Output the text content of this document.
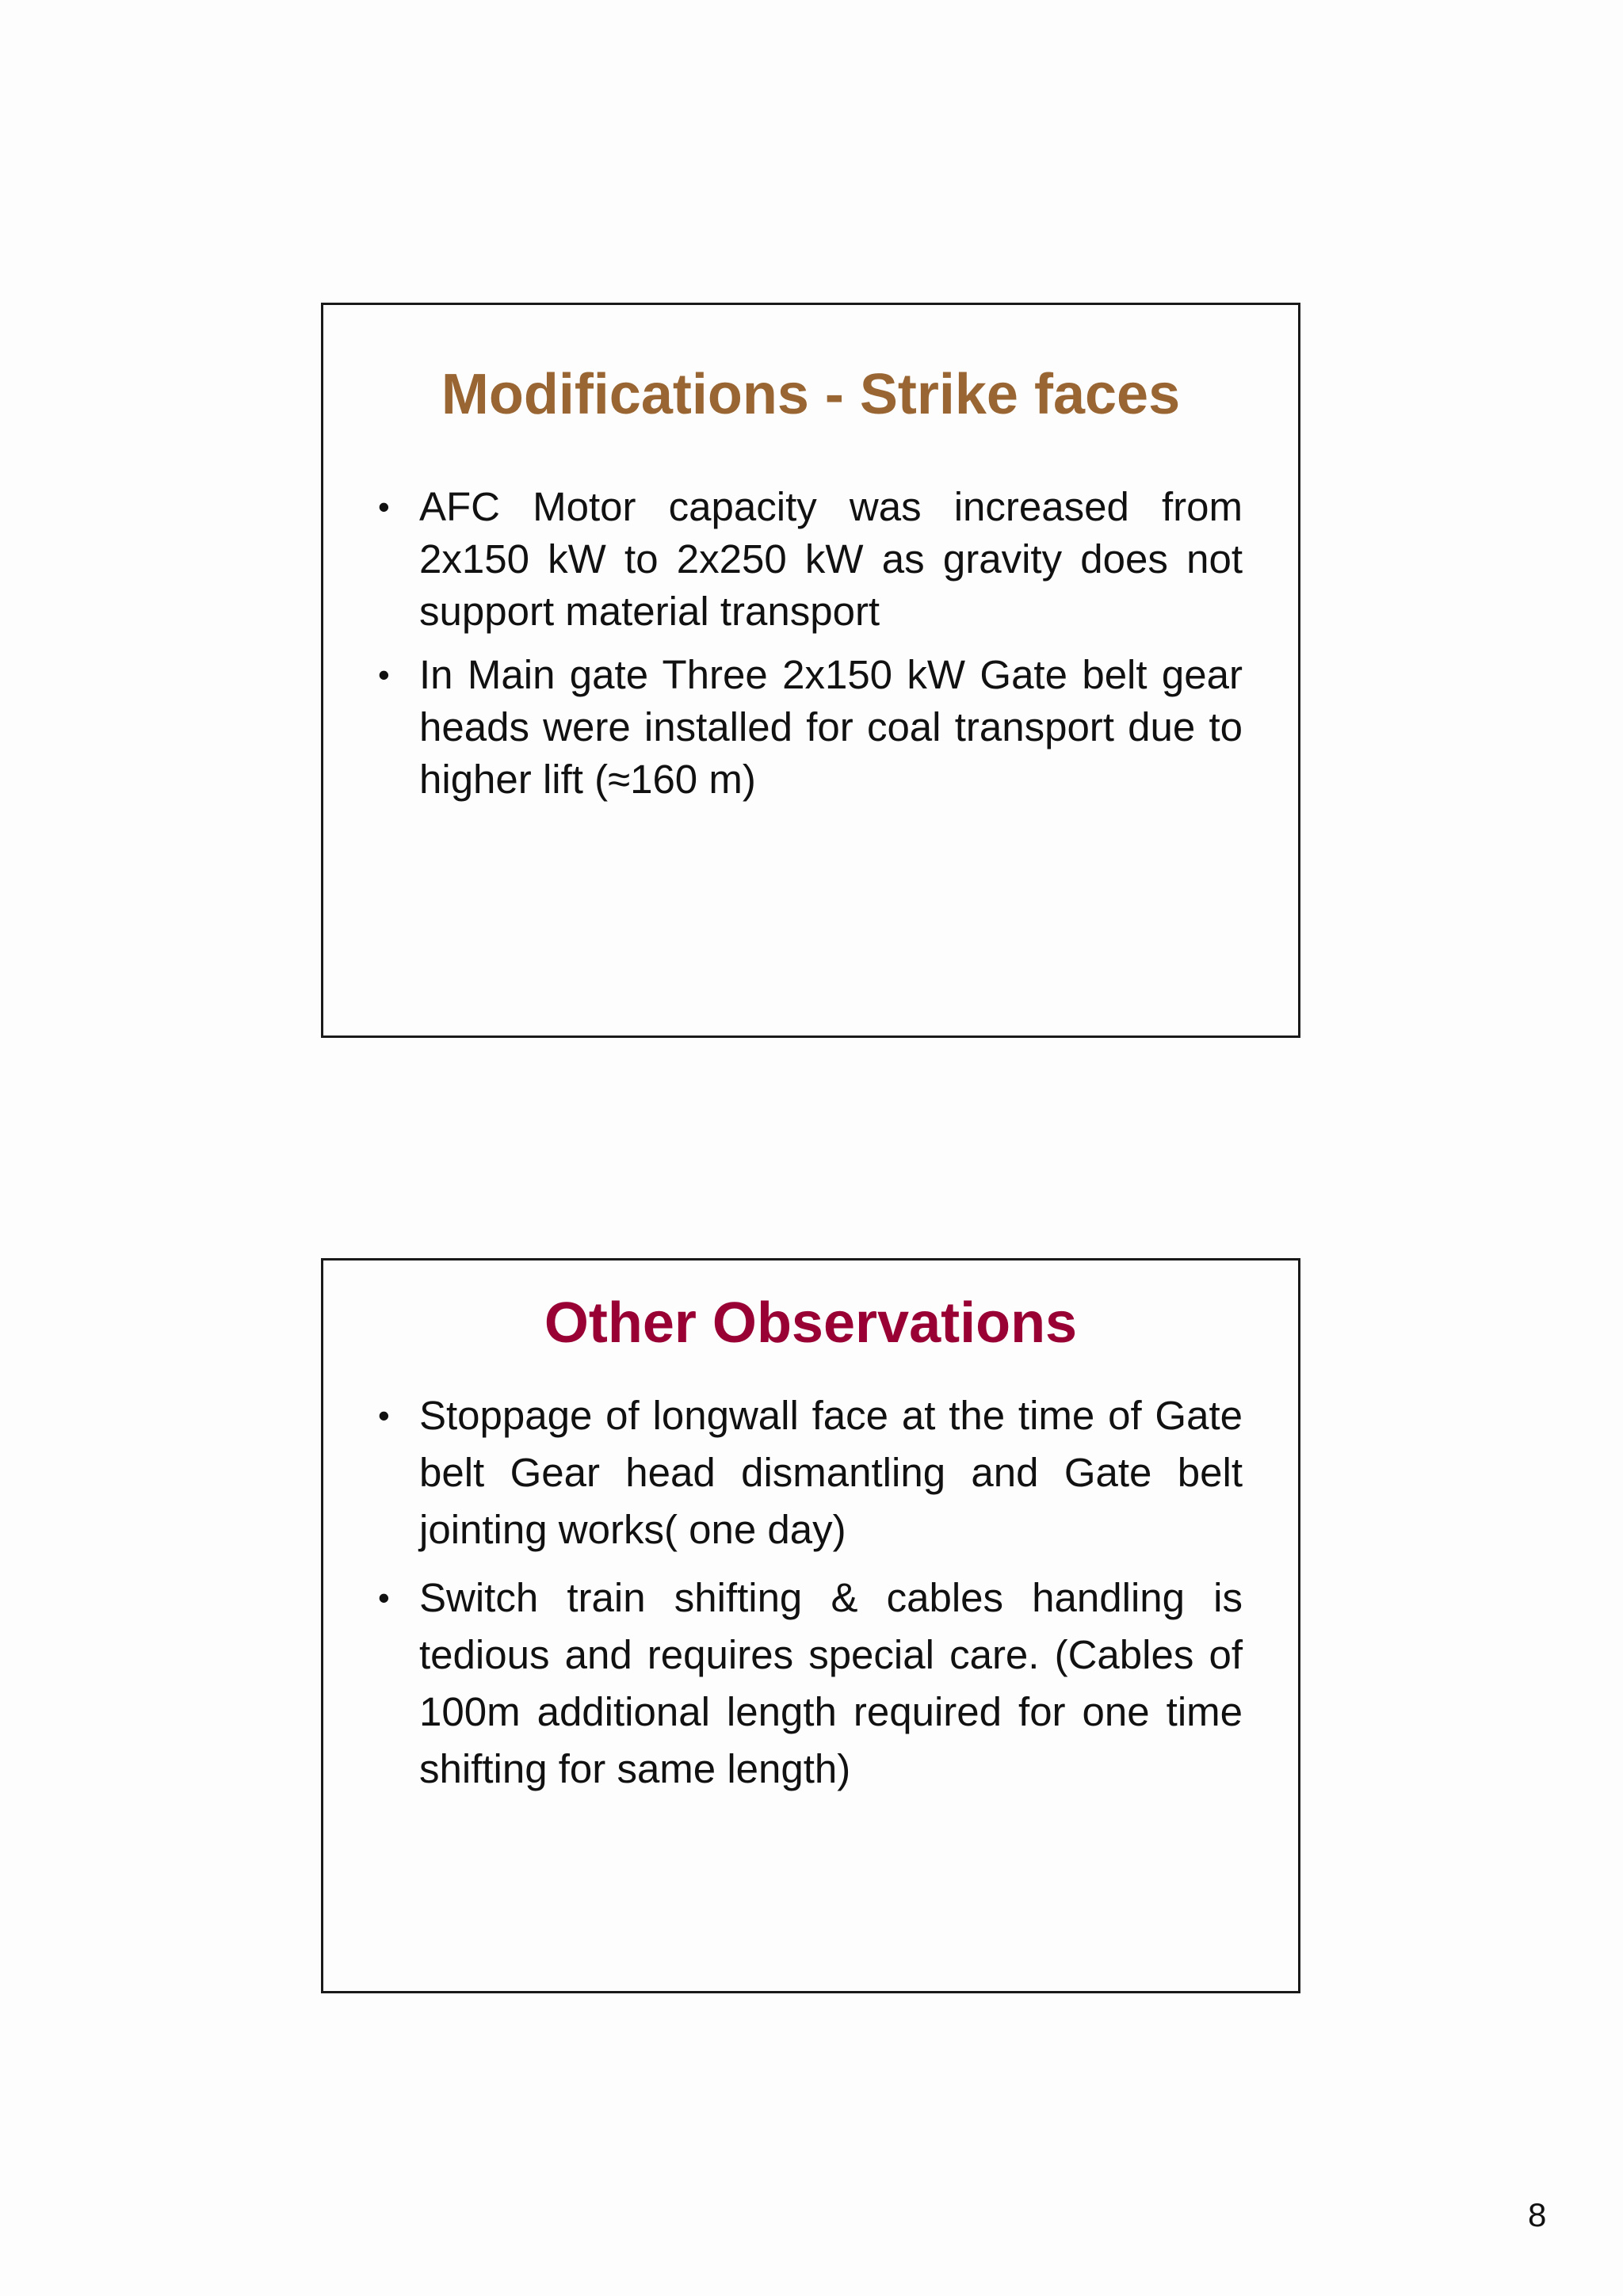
Modifications - Strike faces
• AFC Motor capacity was increased from 2x150 kW to 2x250 kW as gravity does not support material transport
• In Main gate Three 2x150 kW Gate belt gear heads were installed for coal transport due to higher lift (≈160 m)
Other Observations
• Stoppage of longwall face at the time of Gate belt Gear head dismantling and Gate belt jointing works( one day)
• Switch train shifting & cables handling is tedious and requires special care. (Cables of 100m additional length required for one time shifting for same length)
8
